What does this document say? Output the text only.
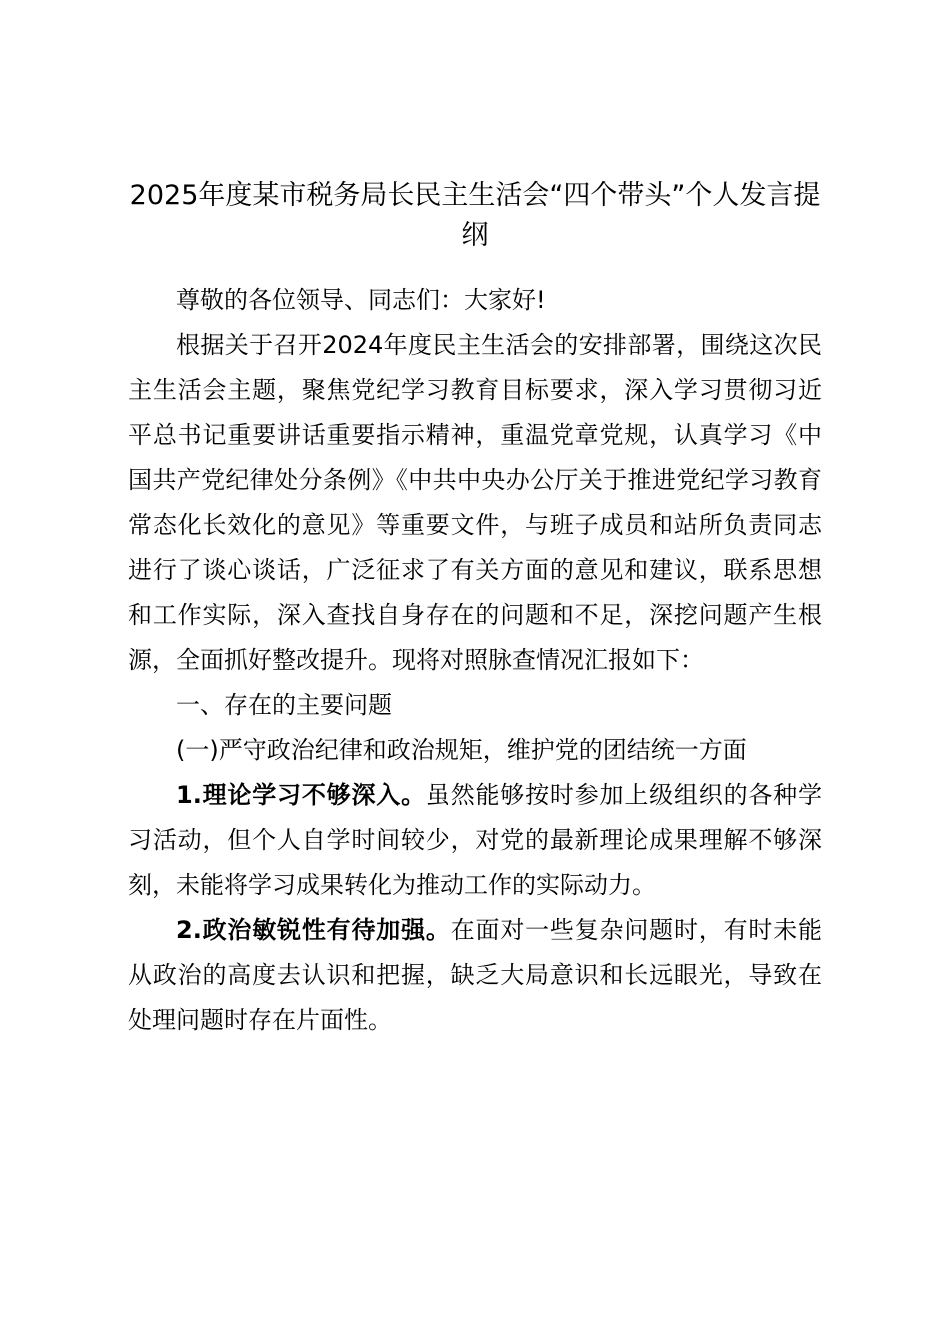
2025年度某市税务局长民主生活会“四个带头”个人发言提纲

尊敬的各位领导、同志们：大家好!

根据关于召开2024年度民主生活会的安排部署，围绕这次民主生活会主题，聚焦党纪学习教育目标要求，深入学习贯彻习近平总书记重要讲话重要指示精神，重温党章党规，认真学习《中国共产党纪律处分条例》《中共中央办公厅关于推进党纪学习教育常态化长效化的意见》等重要文件，与班子成员和站所负责同志进行了谈心谈话，广泛征求了有关方面的意见和建议，联系思想和工作实际，深入查找自身存在的问题和不足，深挖问题产生根源，全面抓好整改提升。现将对照脉查情况汇报如下：

一、存在的主要问题

(一)严守政治纪律和政治规矩，维护党的团结统一方面

1.理论学习不够深入。虽然能够按时参加上级组织的各种学习活动，但个人自学时间较少，对党的最新理论成果理解不够深刻，未能将学习成果转化为推动工作的实际动力。

2.政治敏锐性有待加强。在面对一些复杂问题时，有时未能从政治的高度去认识和把握，缺乏大局意识和长远眼光，导致在处理问题时存在片面性。
